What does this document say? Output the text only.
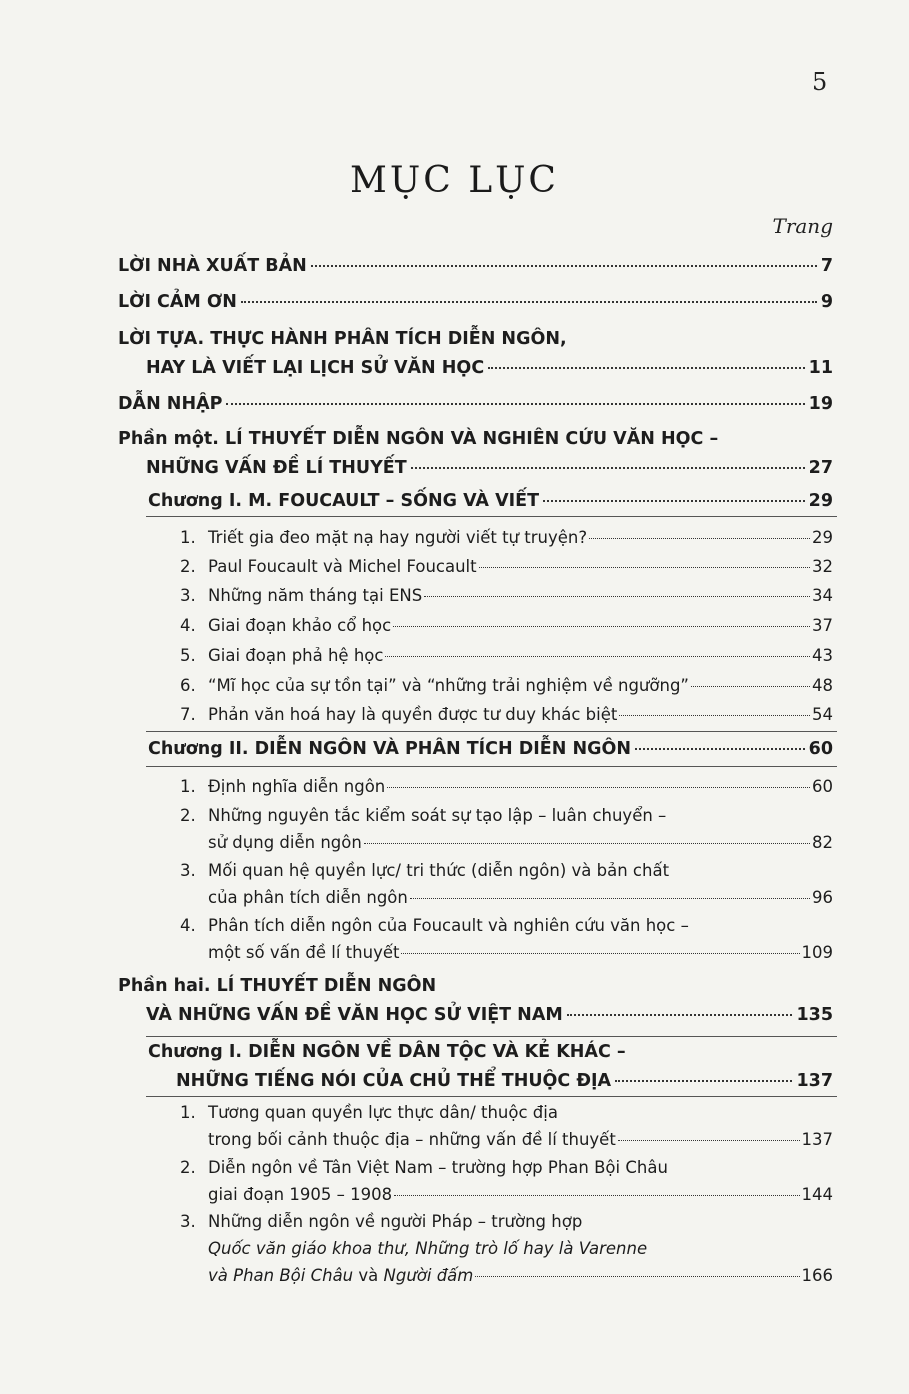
5
MỤC LỤC
Trang
LỜI NHÀ XUẤT BẢN	7
LỜI CẢM ƠN	9
LỜI TỰA. THỰC HÀNH PHÂN TÍCH DIỄN NGÔN,
HAY LÀ VIẾT LẠI LỊCH SỬ VĂN HỌC	11
DẪN NHẬP	19
Phần một. LÍ THUYẾT DIỄN NGÔN VÀ NGHIÊN CỨU VĂN HỌC –
NHỮNG VẤN ĐỀ LÍ THUYẾT	27
Chương I. M. FOUCAULT – SỐNG VÀ VIẾT	29
1. Triết gia đeo mặt nạ hay người viết tự truyện?	29
2. Paul Foucault và Michel Foucault	32
3. Những năm tháng tại ENS	34
4. Giai đoạn khảo cổ học	37
5. Giai đoạn phả hệ học	43
6. “Mĩ học của sự tồn tại” và “những trải nghiệm về ngưỡng”	48
7. Phản văn hoá hay là quyền được tư duy khác biệt	54
Chương II. DIỄN NGÔN VÀ PHÂN TÍCH DIỄN NGÔN	60
1. Định nghĩa diễn ngôn	60
2. Những nguyên tắc kiểm soát sự tạo lập – luân chuyển –
sử dụng diễn ngôn	82
3. Mối quan hệ quyền lực/ tri thức (diễn ngôn) và bản chất
của phân tích diễn ngôn	96
4. Phân tích diễn ngôn của Foucault và nghiên cứu văn học –
một số vấn đề lí thuyết	109
Phần hai. LÍ THUYẾT DIỄN NGÔN
VÀ NHỮNG VẤN ĐỀ VĂN HỌC SỬ VIỆT NAM	135
Chương I. DIỄN NGÔN VỀ DÂN TỘC VÀ KẺ KHÁC –
NHỮNG TIẾNG NÓI CỦA CHỦ THỂ THUỘC ĐỊA	137
1. Tương quan quyền lực thực dân/ thuộc địa
trong bối cảnh thuộc địa – những vấn đề lí thuyết	137
2. Diễn ngôn về Tân Việt Nam – trường hợp Phan Bội Châu
giai đoạn 1905 – 1908	144
3. Những diễn ngôn về người Pháp – trường hợp
Quốc văn giáo khoa thư, Những trò lố hay là Varenne
và Phan Bội Châu và Người đấm	166
